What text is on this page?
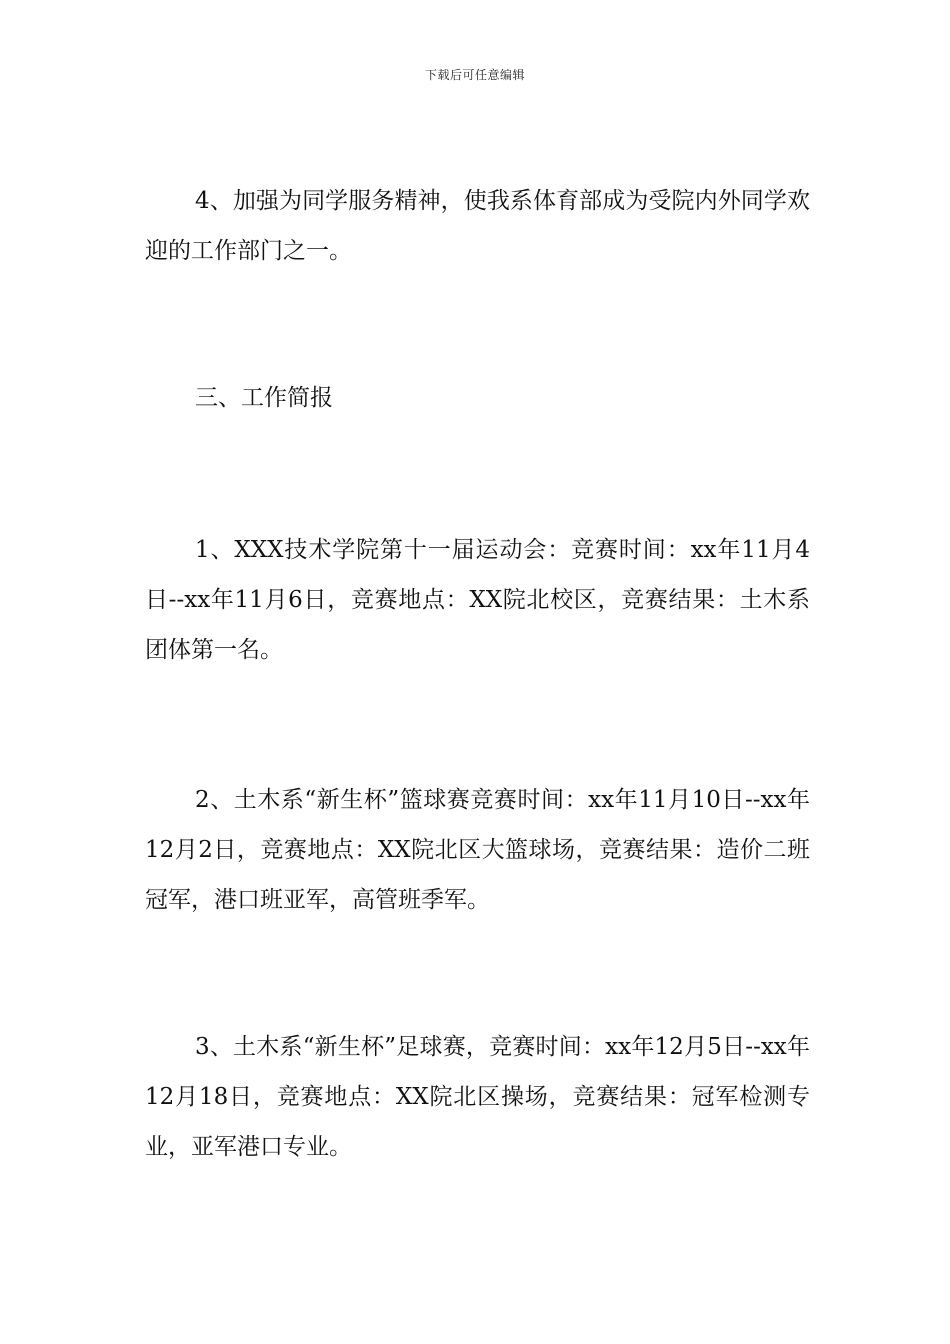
下载后可任意编辑

4、加强为同学服务精神，使我系体育部成为受院内外同学欢迎的工作部门之一。

三、工作简报

1、XXX技术学院第十一届运动会：竞赛时间：xx年11月4日--xx年11月6日，竞赛地点：XX院北校区，竞赛结果：土木系团体第一名。

2、土木系“新生杯”篮球赛竞赛时间：xx年11月10日--xx年12月2日，竞赛地点：XX院北区大篮球场，竞赛结果：造价二班冠军，港口班亚军，高管班季军。

3、土木系“新生杯”足球赛，竞赛时间：xx年12月5日--xx年12月18日，竞赛地点：XX院北区操场，竞赛结果：冠军检测专业，亚军港口专业。
